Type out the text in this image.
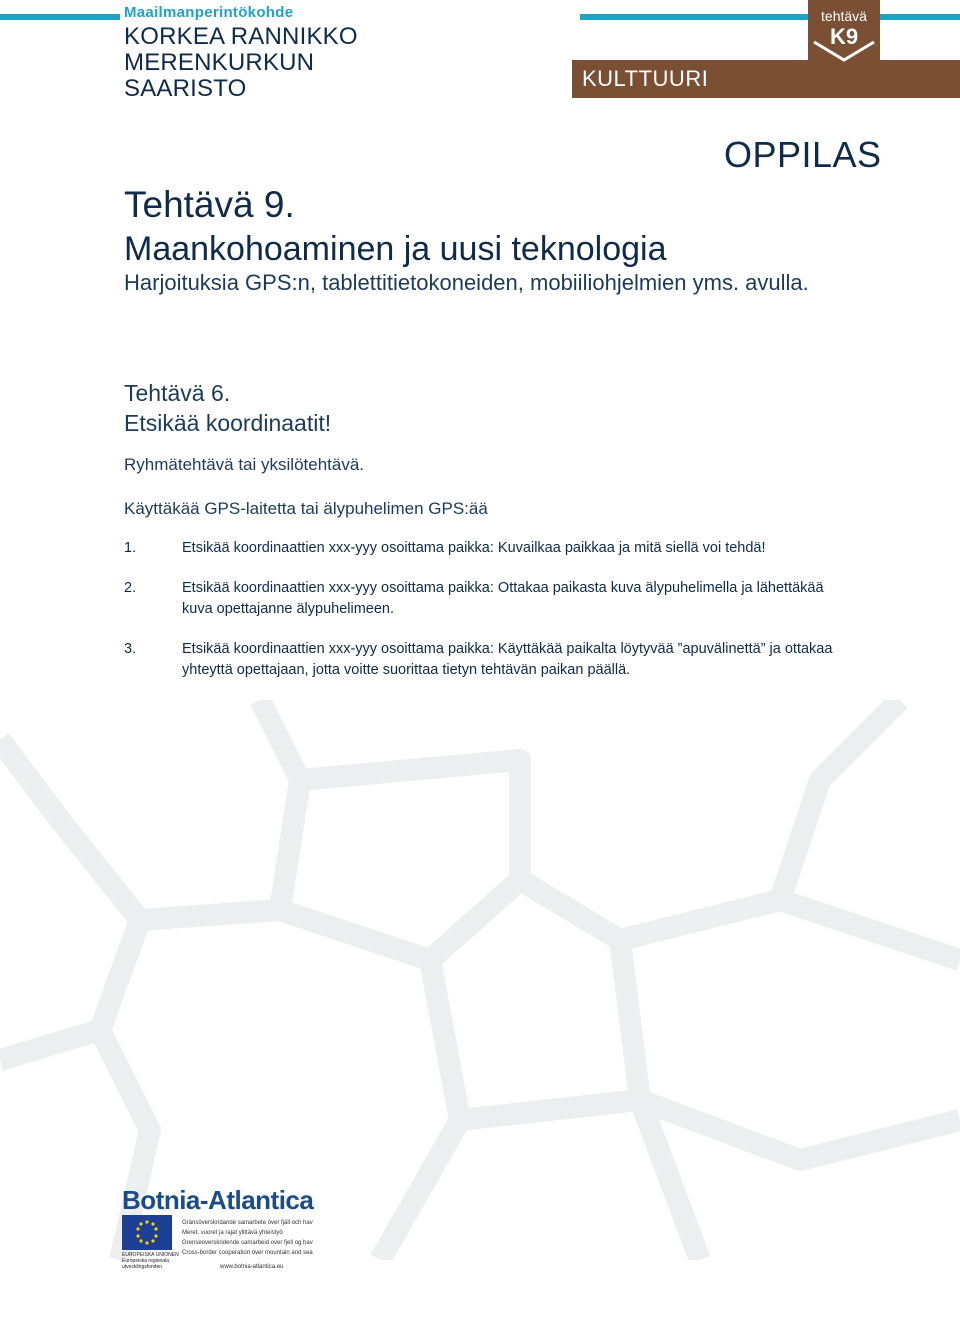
Maailmanperintökohde
KORKEA RANNIKKO
MERENKURKUN
SAARISTO	KULTTUURI
tehtävä
K9
OPPILAS
Tehtävä 9.
Maankohoaminen ja uusi teknologia
Harjoituksia GPS:n, tablettitietokoneiden, mobiiliohjelmien yms. avulla.
Tehtävä 6.
Etsikää koordinaatit!
Ryhmätehtävä tai yksilötehtävä.
Käyttäkää GPS-laitetta tai älypuhelimen GPS:ää
1.	Etsikää koordinaattien xxx-yyy osoittama paikka: Kuvailkaa paikkaa ja mitä siellä voi tehdä!
2.	Etsikää koordinaattien xxx-yyy osoittama paikka: Ottakaa paikasta kuva älypuhelimella ja lähettäkää kuva opettajanne älypuhelimeen.
3.	Etsikää koordinaattien xxx-yyy osoittama paikka: Käyttäkää paikalta löytyvää ”apuvälinettä” ja ottakaa yhteyttä opettajaan, jotta voitte suorittaa tietyn tehtävän paikan päällä.
Botnia-Atlantica
EUROPEISKA UNIONEN Europeiska regionala utvecklingsfonden
Gränsöverskridande samarbete över fjäll och hav
Meret, vuoret ja rajat ylittävä yhteistyö
Grenseoverskridende samarbeid over fjell og hav
Cross-border cooperation over mountain and sea
www.botnia-atlantica.eu
